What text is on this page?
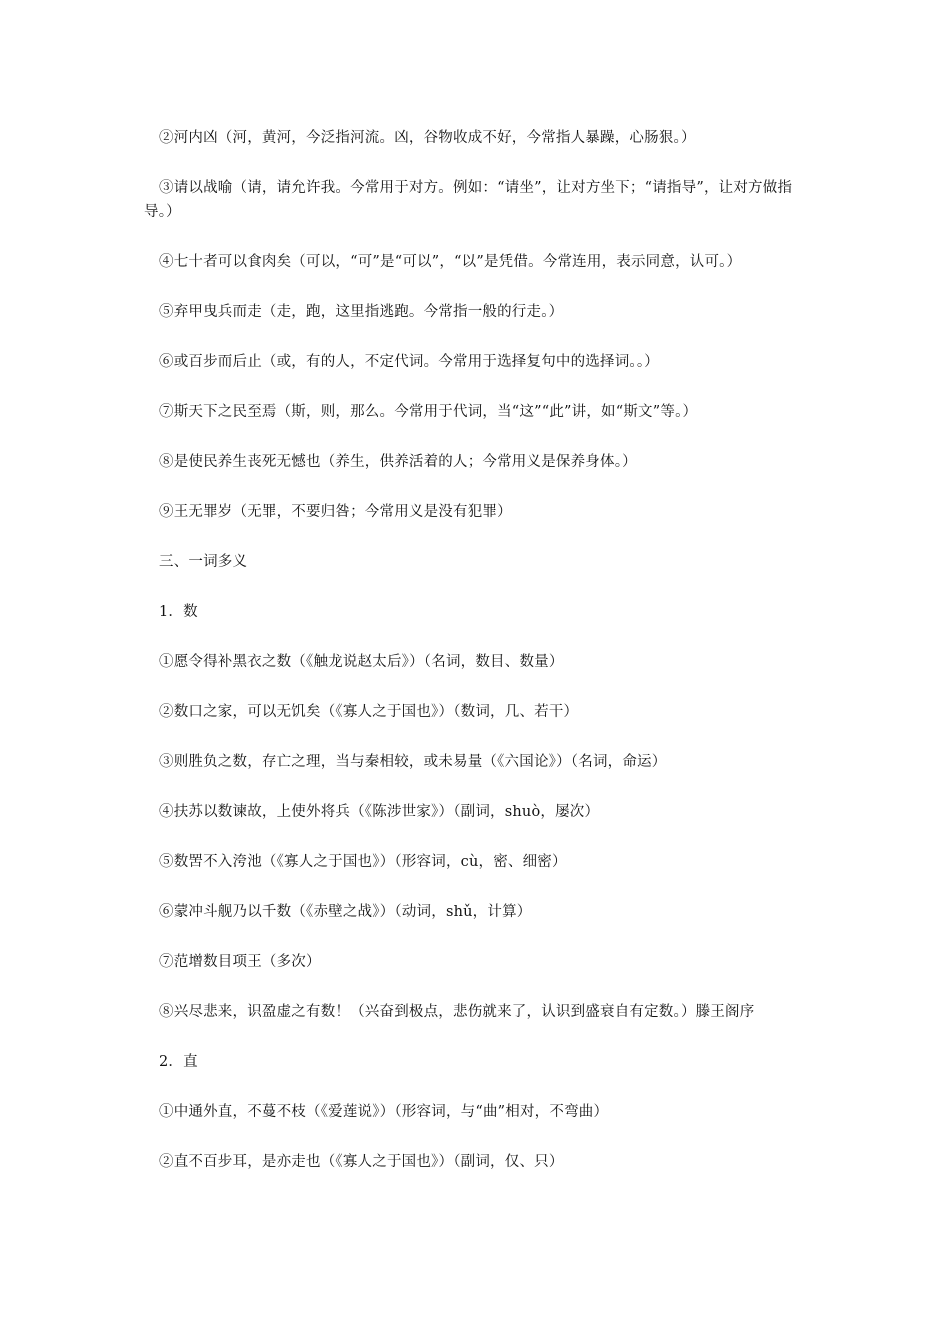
②河内凶（河，黄河，今泛指河流。凶，谷物收成不好，今常指人暴躁，心肠狠。）

③请以战喻（请，请允许我。今常用于对方。例如：“请坐”，让对方坐下；“请指导”，让对方做指导。）

④七十者可以食肉矣（可以，“可”是“可以”，“以”是凭借。今常连用，表示同意，认可。）

⑤弃甲曳兵而走（走，跑，这里指逃跑。今常指一般的行走。）

⑥或百步而后止（或，有的人，不定代词。今常用于选择复句中的选择词。。）

⑦斯天下之民至焉（斯，则，那么。今常用于代词，当“这”“此”讲，如“斯文”等。）

⑧是使民养生丧死无憾也（养生，供养活着的人；今常用义是保养身体。）

⑨王无罪岁（无罪，不要归咎；今常用义是没有犯罪）

三、一词多义

1．数

①愿令得补黑衣之数（《触龙说赵太后》）（名词，数目、数量）

②数口之家，可以无饥矣（《寡人之于国也》）（数词，几、若干）

③则胜负之数，存亡之理，当与秦相较，或未易量（《六国论》）（名词，命运）

④扶苏以数谏故，上使外将兵（《陈涉世家》）（副词，shuò，屡次）

⑤数罟不入洿池（《寡人之于国也》）（形容词，cù，密、细密）

⑥蒙冲斗舰乃以千数（《赤壁之战》）（动词，shǔ，计算）

⑦范增数目项王（多次）

⑧兴尽悲来，识盈虚之有数！（兴奋到极点，悲伤就来了，认识到盛衰自有定数。）滕王阁序

2．直

①中通外直，不蔓不枝（《爱莲说》）（形容词，与“曲”相对，不弯曲）

②直不百步耳，是亦走也（《寡人之于国也》）（副词，仅、只）
